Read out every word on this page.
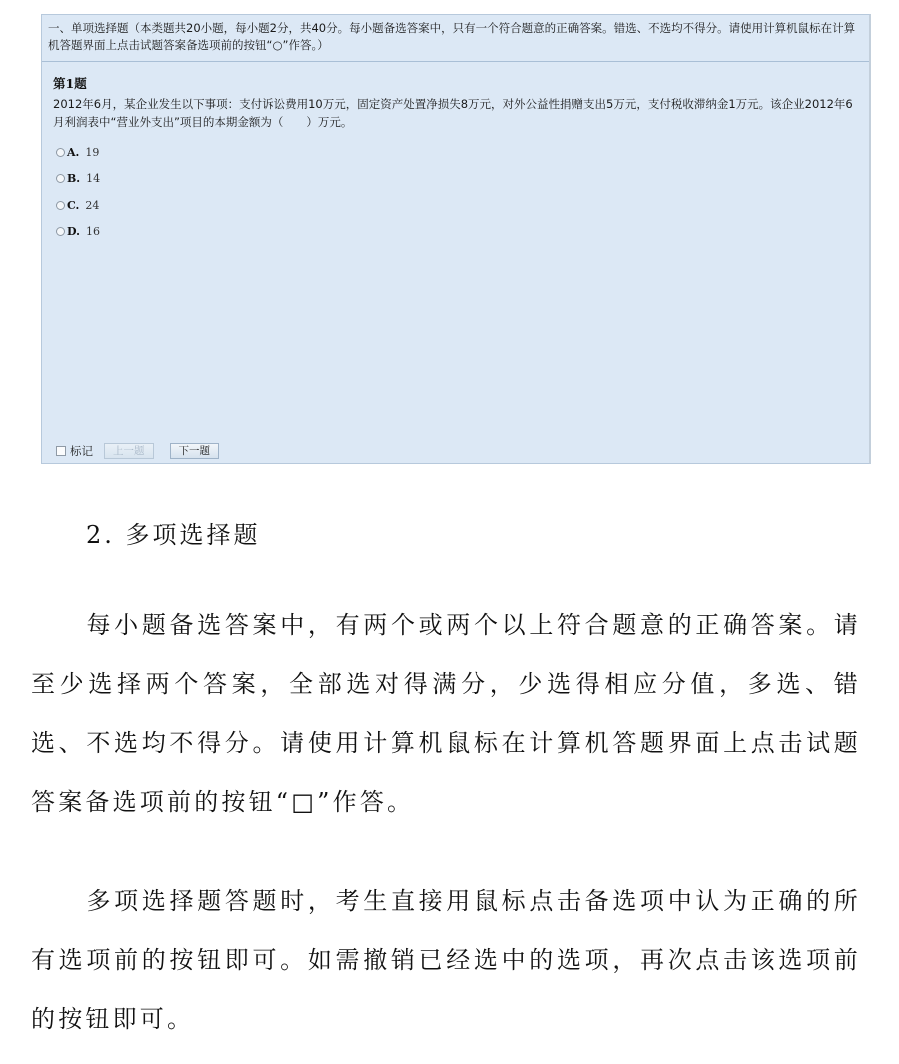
一、单项选择题（本类题共20小题，每小题2分，共40分。每小题备选答案中，只有一个符合题意的正确答案。错选、不选均不得分。请使用计算机鼠标在计算机答题界面上点击试题答案备选项前的按钮“○”作答。）
第1题
2012年6月，某企业发生以下事项：支付诉讼费用10万元，固定资产处置净损失8万元，对外公益性捐赠支出5万元，支付税收滞纳金1万元。该企业2012年6月利润表中“营业外支出”项目的本期金额为（　　）万元。
A. 19
B. 14
C. 24
D. 16
标记	上一题	下一题
2. 多项选择题
每小题备选答案中，有两个或两个以上符合题意的正确答案。请至少选择两个答案，全部选对得满分，少选得相应分值，多选、错选、不选均不得分。请使用计算机鼠标在计算机答题界面上点击试题答案备选项前的按钮“□”作答。
多项选择题答题时，考生直接用鼠标点击备选项中认为正确的所有选项前的按钮即可。如需撤销已经选中的选项，再次点击该选项前的按钮即可。
